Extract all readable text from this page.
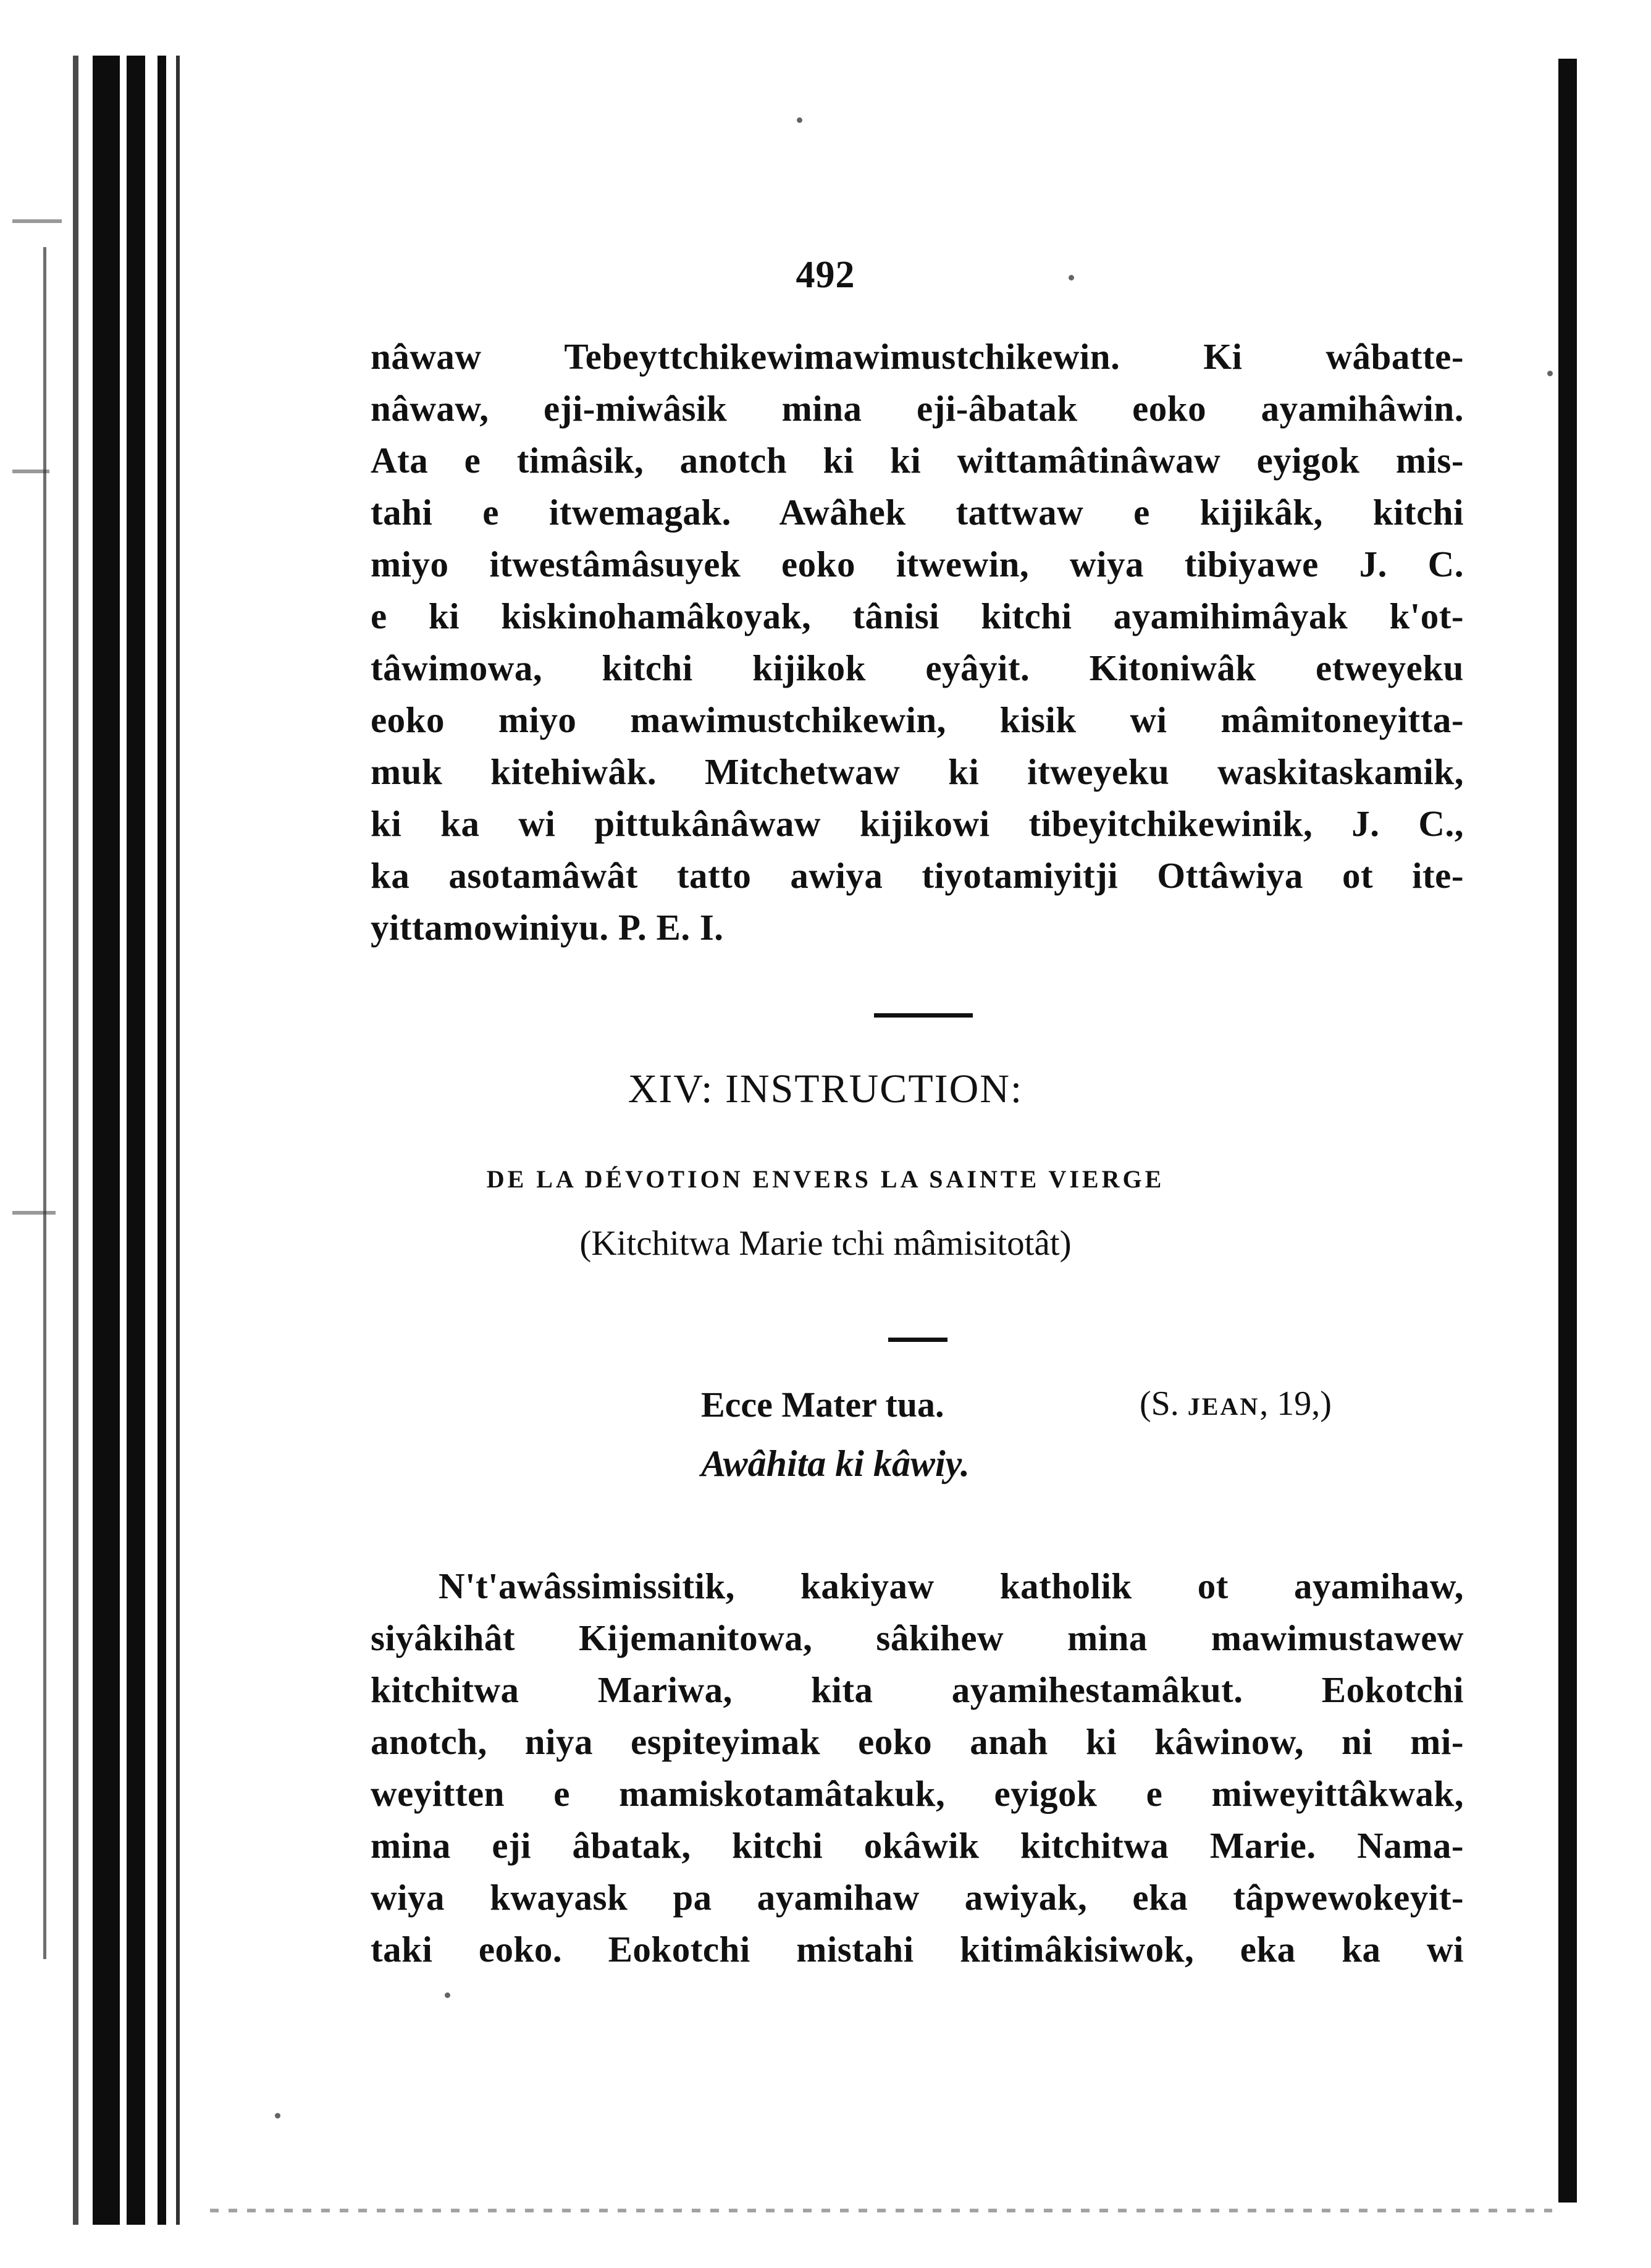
492
nâwaw Tebeyttchikewimawimustchikewin. Ki wâbatte-
nâwaw, eji-miwâsik mina eji-âbatak eoko ayamihâwin.
Ata e timâsik, anotch ki ki wittamâtinâwaw eyigok mis-
tahi e itwemagak. Awâhek tattwaw e kijikâk, kitchi
miyo itwestâmâsuyek eoko itwewin, wiya tibiyawe J. C.
e ki kiskinohamâkoyak, tânisi kitchi ayamihimâyak k'ot-
tâwimowa, kitchi kijikok eyâyit. Kitoniwâk etweyeku
eoko miyo mawimustchikewin, kisik wi mâmitoneyitta-
muk kitehiwâk. Mitchetwaw ki itweyeku waskitaskamik,
ki ka wi pittukânâwaw kijikowi tibeyitchikewinik, J. C.,
ka asotamâwât tatto awiya tiyotamiyitji Ottâwiya ot ite-
yittamowiniyu. P. E. I.
XIV: INSTRUCTION:
DE LA DÉVOTION ENVERS LA SAINTE VIERGE
(Kitchitwa Marie tchi mâmisitotât)
Ecce Mater tua.	(S. JEAN, 19,)
Awâhita ki kâwiy.
N't'awâssimissitik, kakiyaw katholik ot ayamihaw,
siyâkihât Kijemanitowa, sâkihew mina mawimustawew
kitchitwa Mariwa, kita ayamihestamâkut. Eokotchi
anotch, niya espiteyimak eoko anah ki kâwinow, ni mi-
weyitten e mamiskotamâtakuk, eyigok e miweyittâkwak,
mina eji âbatak, kitchi okâwik kitchitwa Marie. Nama-
wiya kwayask pa ayamihaw awiyak, eka tâpwewokeyit-
taki eoko. Eokotchi mistahi kitimâkisiwok, eka ka wi
